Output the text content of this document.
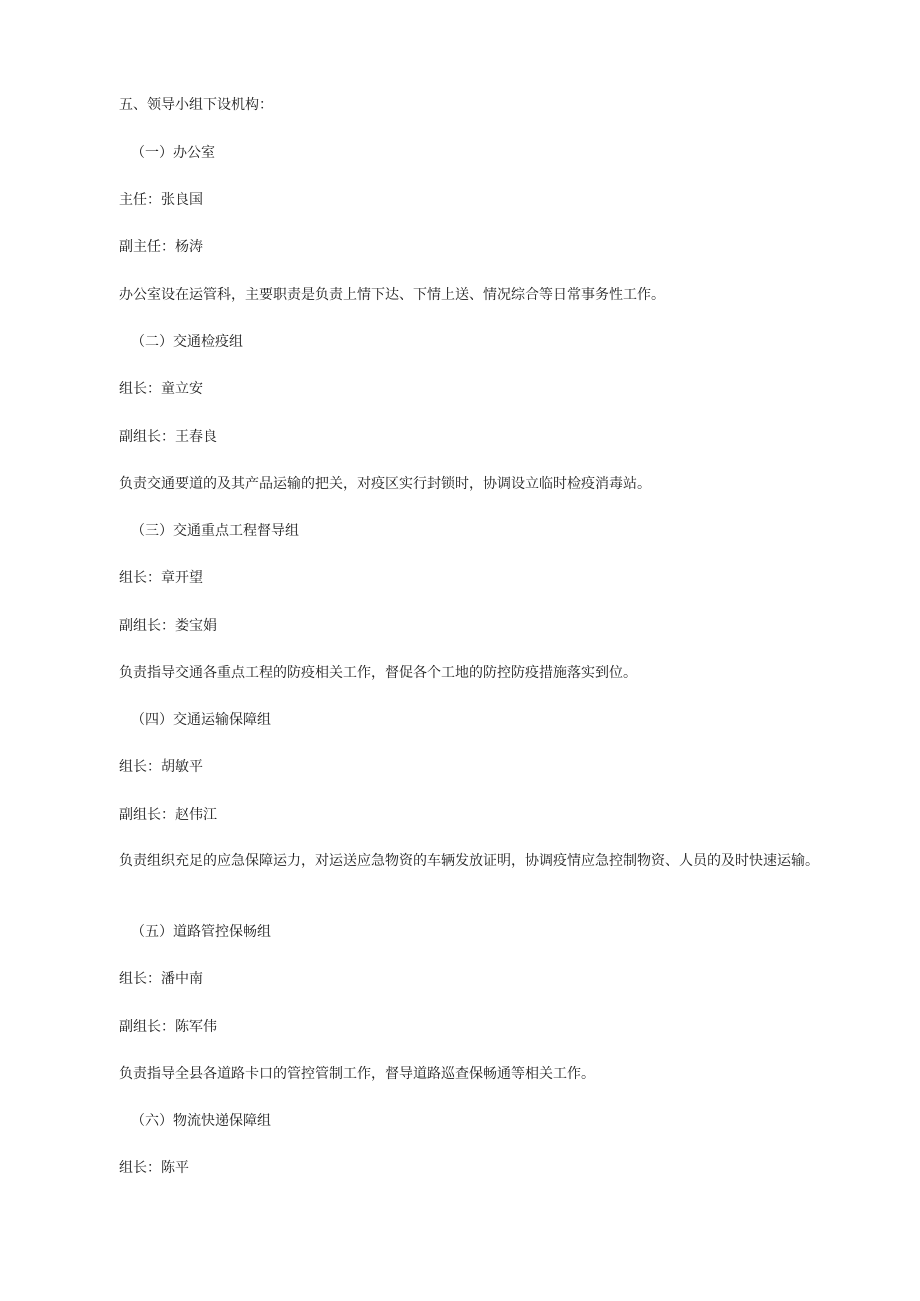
五、领导小组下设机构：
（一）办公室
主任：张良国
副主任：杨涛
办公室设在运管科，主要职责是负责上情下达、下情上送、情况综合等日常事务性工作。
（二）交通检疫组
组长：童立安
副组长：王春良
负责交通要道的及其产品运输的把关，对疫区实行封锁时，协调设立临时检疫消毒站。
（三）交通重点工程督导组
组长：章开望
副组长：娄宝娟
负责指导交通各重点工程的防疫相关工作，督促各个工地的防控防疫措施落实到位。
（四）交通运输保障组
组长：胡敏平
副组长：赵伟江
负责组织充足的应急保障运力，对运送应急物资的车辆发放证明，协调疫情应急控制物资、人员的及时快速运输。
（五）道路管控保畅组
组长：潘中南
副组长：陈军伟
负责指导全县各道路卡口的管控管制工作，督导道路巡查保畅通等相关工作。
（六）物流快递保障组
组长：陈平
